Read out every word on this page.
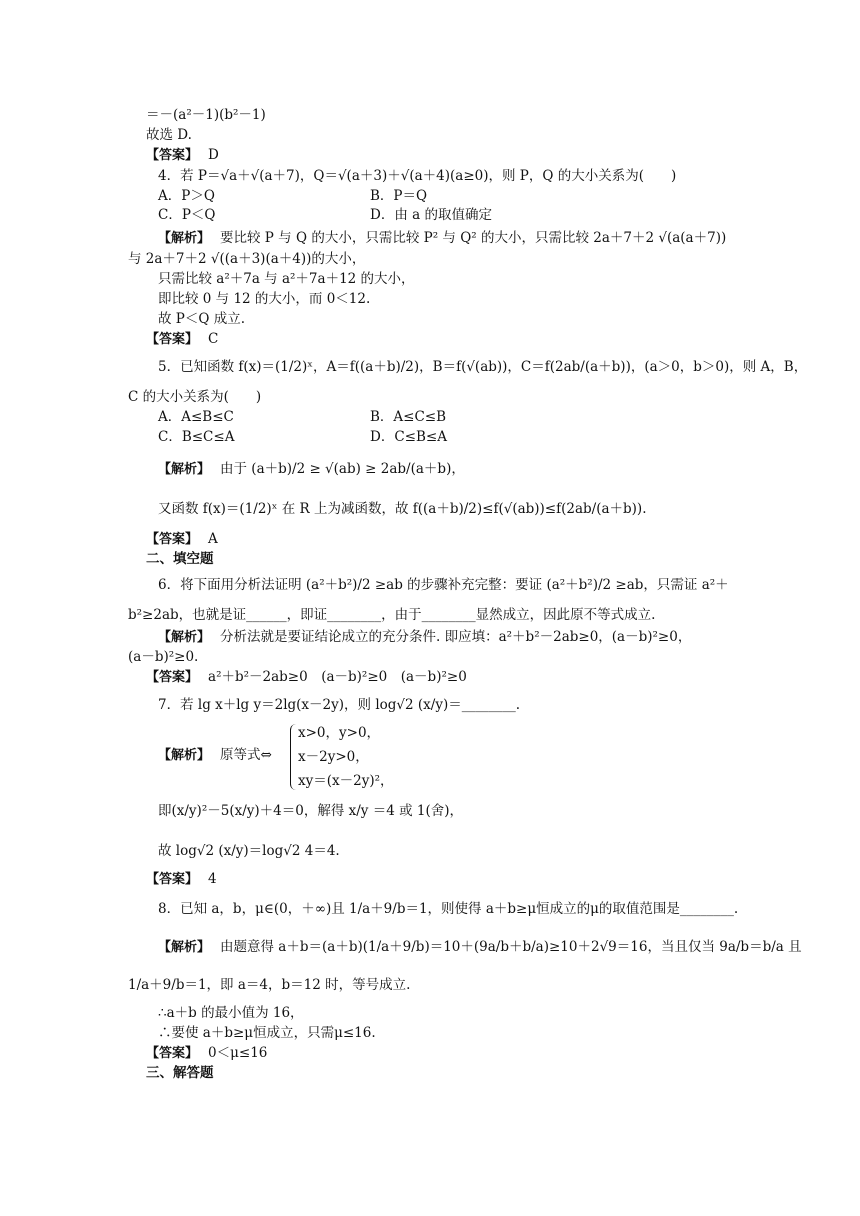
＝－(a²－1)(b²－1)
故选 D.
【答案】 D
4．若 P＝√a＋√(a＋7)，Q＝√(a＋3)＋√(a＋4)(a≥0)，则 P，Q 的大小关系为(　　)
A．P＞Q	B．P＝Q
C．P＜Q	D．由 a 的取值确定
【解析】 要比较 P 与 Q 的大小，只需比较 P² 与 Q² 的大小，只需比较 2a＋7＋2 √(a(a＋7))
与 2a＋7＋2 √((a＋3)(a＋4))的大小，
只需比较 a²＋7a 与 a²＋7a＋12 的大小，
即比较 0 与 12 的大小，而 0＜12.
故 P＜Q 成立.
【答案】 C
5．已知函数 f(x)＝(1/2)ˣ，A＝f((a＋b)/2)，B＝f(√(ab))，C＝f(2ab/(a＋b))，(a＞0，b＞0)，则 A，B，
C 的大小关系为(　　)
A．A≤B≤C	B．A≤C≤B
C．B≤C≤A	D．C≤B≤A
【解析】 由于 (a＋b)/2 ≥ √(ab) ≥ 2ab/(a＋b)，
又函数 f(x)＝(1/2)ˣ 在 R 上为减函数，故 f((a＋b)/2)≤f(√(ab))≤f(2ab/(a＋b)).
【答案】 A
二、填空题
6．将下面用分析法证明 (a²＋b²)/2 ≥ab 的步骤补充完整：要证 (a²＋b²)/2 ≥ab，只需证 a²＋
b²≥2ab，也就是证______，即证________，由于________显然成立，因此原不等式成立.
【解析】 分析法就是要证结论成立的充分条件. 即应填：a²＋b²－2ab≥0，(a－b)²≥0，
(a－b)²≥0.
【答案】 a²＋b²－2ab≥0　(a－b)²≥0　(a－b)²≥0
7．若 lg x＋lg y＝2lg(x－2y)，则 log√2 (x/y)＝________.
【解析】 原等式⇔
x>0，y>0，
x－2y>0，
xy＝(x－2y)²，
即(x/y)²－5(x/y)＋4＝0，解得 x/y ＝4 或 1(舍)，
故 log√2 (x/y)＝log√2 4＝4.
【答案】 4
8．已知 a，b，μ∈(0，＋∞)且 1/a＋9/b＝1，则使得 a＋b≥μ恒成立的μ的取值范围是________.
【解析】 由题意得 a＋b＝(a＋b)(1/a＋9/b)＝10＋(9a/b＋b/a)≥10＋2√9＝16，当且仅当 9a/b＝b/a 且
1/a＋9/b＝1，即 a＝4，b＝12 时，等号成立.
∴a＋b 的最小值为 16，
∴要使 a＋b≥μ恒成立，只需μ≤16.
【答案】 0＜μ≤16
三、解答题
